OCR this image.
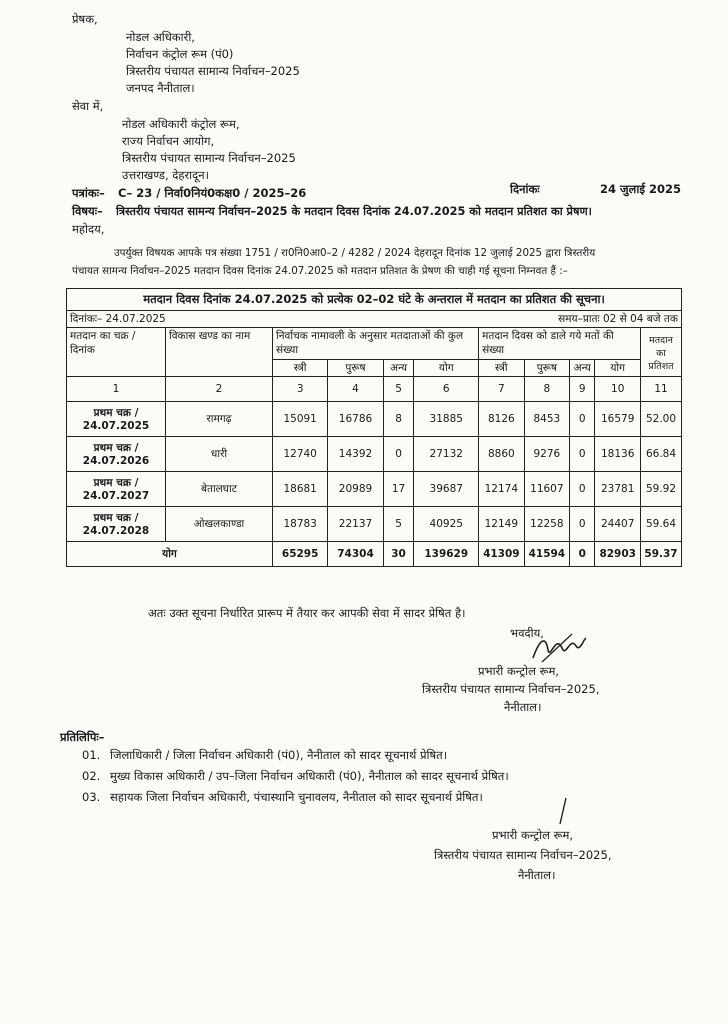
प्रेषक,
नोडल अधिकारी,
निर्वाचन कंट्रोल रूम (पं0)
त्रिस्तरीय पंचायत सामान्य निर्वाचन–2025
जनपद नैनीताल।
सेवा में,
नोडल अधिकारी कंट्रोल रूम,
राज्य निर्वाचन आयोग,
त्रिस्तरीय पंचायत सामान्य निर्वाचन–2025
उत्तराखण्ड, देहरादून।
पत्रांकः– C– 23 / निर्वा0नियं0कक्ष0 / 2025–26	दिनांकः	24 जुलाई 2025
विषयः– त्रिस्तरीय पंचायत सामन्य निर्वाचन–2025 के मतदान दिवस दिनांक 24.07.2025 को मतदान प्रतिशत का प्रेषण।
महोदय,
उपर्युक्त विषयक आपके पत्र संख्या 1751 / रा0नि0आ0–2 / 4282 / 2024 देहरादून दिनांक 12 जुलाई 2025 द्वारा त्रिस्तरीय
पंचायत सामन्य निर्वाचन–2025 मतदान दिवस दिनांक 24.07.2025 को मतदान प्रतिशत के प्रेषण की चाही गई सूचना निम्नवत हैं :–
मतदान दिवस दिनांक 24.07.2025 को प्रत्येक 02–02 घंटे के अन्तराल में मतदान का प्रतिशत की सूचना।										
दिनांकः– 24.07.2025						समय–प्रातः 02 से 04 बजे तक				
मतदान का चक्र / दिनांक	विकास खण्ड का नाम	निर्वाचक नामावली के अनुसार मतदाताओं की कुल संख्या				मतदान दिवस को डाले गये मतों की संख्या				मतदान का प्रतिशत
		स्त्री	पुरूष	अन्य	योग	स्त्री	पुरूष	अन्य	योग	
1	2	3	4	5	6	7	8	9	10	11
प्रथम चक्र / 24.07.2025	रामगढ़	15091	16786	8	31885	8126	8453	0	16579	52.00
प्रथम चक्र / 24.07.2026	धारी	12740	14392	0	27132	8860	9276	0	18136	66.84
प्रथम चक्र / 24.07.2027	बेतालघाट	18681	20989	17	39687	12174	11607	0	23781	59.92
प्रथम चक्र / 24.07.2028	ओखलकाण्डा	18783	22137	5	40925	12149	12258	0	24407	59.64
योग		65295	74304	30	139629	41309	41594	0	82903	59.37
अतः उक्त सूचना निर्धारित प्रारूप में तैयार कर आपकी सेवा में सादर प्रेषित है।
भवदीय,
प्रभारी कन्ट्रोल रूम,
त्रिस्तरीय पंचायत सामान्य निर्वाचन–2025,
नैनीताल।
प्रतिलिपिः–
01. जिलाधिकारी / जिला निर्वाचन अधिकारी (पं0), नैनीताल को सादर सूचनार्थ प्रेषित।
02. मुख्य विकास अधिकारी / उप–जिला निर्वाचन अधिकारी (पं0), नैनीताल को सादर सूचनार्थ प्रेषित।
03. सहायक जिला निर्वाचन अधिकारी, पंचास्थानि चुनावलय, नैनीताल को सादर सूचनार्थ प्रेषित।
प्रभारी कन्ट्रोल रूम,
त्रिस्तरीय पंचायत सामान्य निर्वाचन–2025,
नैनीताल।
